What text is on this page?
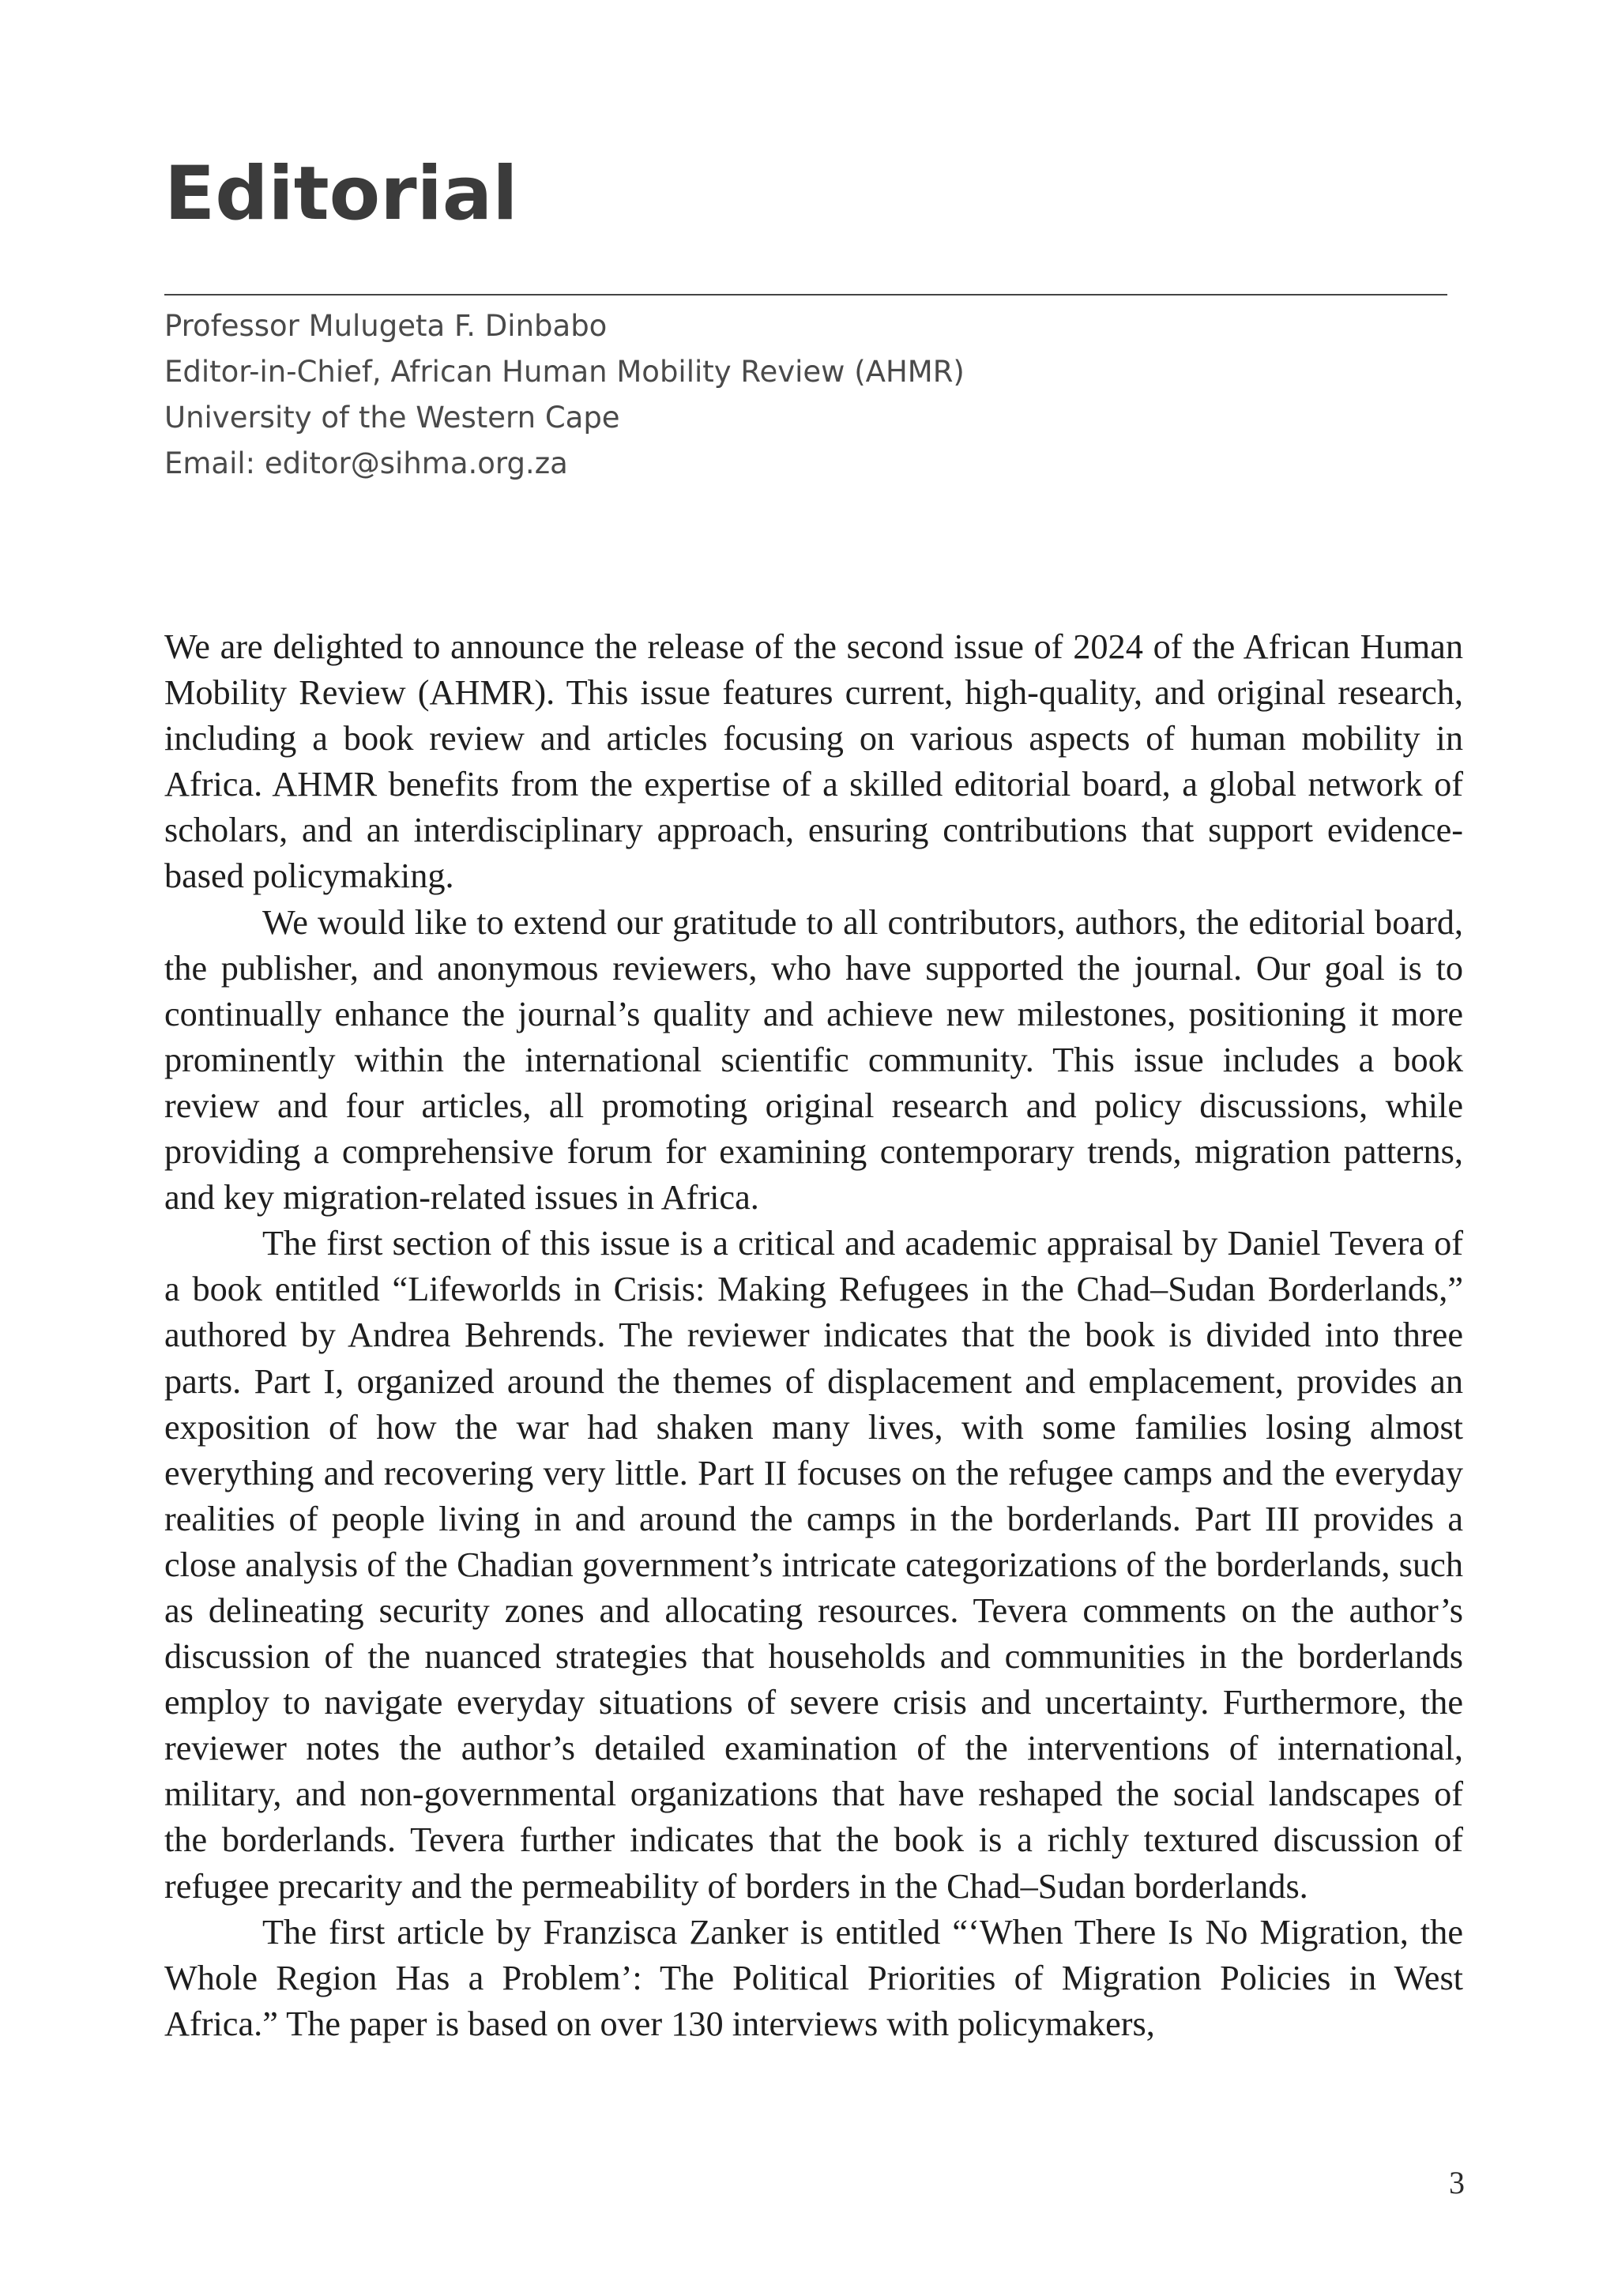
Editorial
Professor Mulugeta F. Dinbabo
Editor-in-Chief, African Human Mobility Review (AHMR)
University of the Western Cape
Email: editor@sihma.org.za

We are delighted to announce the release of the second issue of 2024 of the African Human Mobility Review (AHMR). This issue features current, high-quality, and original research, including a book review and articles focusing on various aspects of human mobility in Africa. AHMR benefits from the expertise of a skilled editorial board, a global network of scholars, and an interdisciplinary approach, ensuring contributions that support evidence-based policymaking.

We would like to extend our gratitude to all contributors, authors, the editorial board, the publisher, and anonymous reviewers, who have supported the journal. Our goal is to continually enhance the journal’s quality and achieve new milestones, positioning it more prominently within the international scientific community. This issue includes a book review and four articles, all promoting original research and policy discussions, while providing a comprehensive forum for examining contemporary trends, migration patterns, and key migration-related issues in Africa.

The first section of this issue is a critical and academic appraisal by Daniel Tevera of a book entitled “Lifeworlds in Crisis: Making Refugees in the Chad–Sudan Borderlands,” authored by Andrea Behrends. The reviewer indicates that the book is divided into three parts. Part I, organized around the themes of displacement and emplacement, provides an exposition of how the war had shaken many lives, with some families losing almost everything and recovering very little. Part II focuses on the refugee camps and the everyday realities of people living in and around the camps in the borderlands. Part III provides a close analysis of the Chadian government’s intricate categorizations of the borderlands, such as delineating security zones and allocating resources. Tevera comments on the author’s discussion of the nuanced strategies that households and communities in the borderlands employ to navigate everyday situations of severe crisis and uncertainty. Furthermore, the reviewer notes the author’s detailed examination of the interventions of international, military, and non-governmental organizations that have reshaped the social landscapes of the borderlands. Tevera further indicates that the book is a richly textured discussion of refugee precarity and the permeability of borders in the Chad–Sudan borderlands.

The first article by Franzisca Zanker is entitled “‘When There Is No Migration, the Whole Region Has a Problem’: The Political Priorities of Migration Policies in West Africa.” The paper is based on over 130 interviews with policymakers,

3
